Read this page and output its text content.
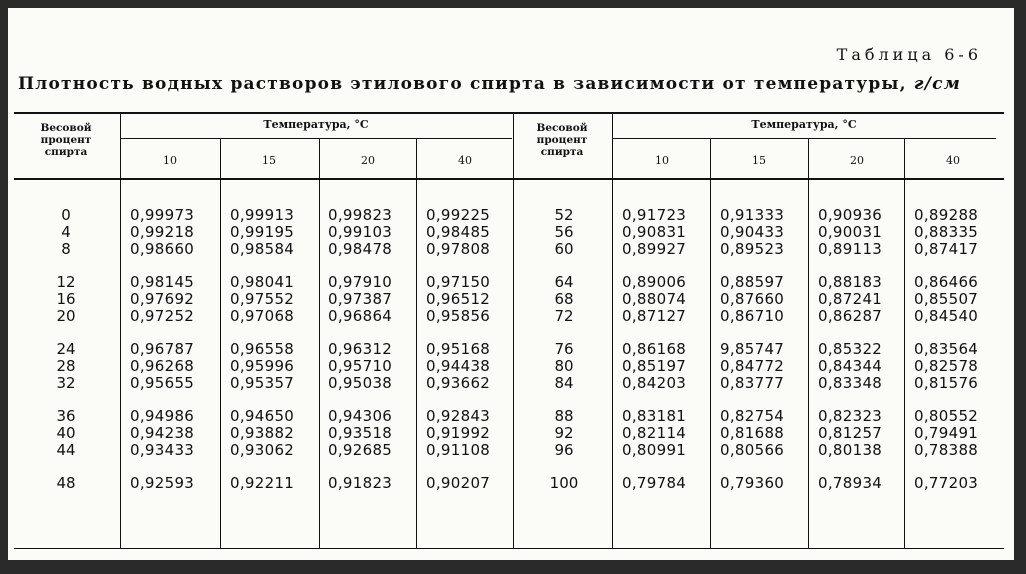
Таблица 6-6
Плотность водных растворов этилового спирта в зависимости от температуры, г/см
Весовой
процент
спирта
Температура, °С
10	15	20	40
Весовой
процент
спирта
Температура, °С
10	15	20	40
0	0,99973 0,99913 0,99823 0,99225
4	0,99218 0,99195 0,99103 0,98485
8	0,98660 0,98584 0,98478 0,97808
12	0,98145 0,98041 0,97910 0,97150
16	0,97692 0,97552 0,97387 0,96512
20	0,97252 0,97068 0,96864 0,95856
24	0,96787 0,96558 0,96312 0,95168
28	0,96268 0,95996 0,95710 0,94438
32	0,95655 0,95357 0,95038 0,93662
36	0,94986 0,94650 0,94306 0,92843
40	0,94238 0,93882 0,93518 0,91992
44	0,93433 0,93062 0,92685 0,91108
48	0,92593 0,92211 0,91823 0,90207
52	0,91723 0,91333 0,90936 0,89288
56	0,90831 0,90433 0,90031 0,88335
60	0,89927 0,89523 0,89113 0,87417
64	0,89006 0,88597 0,88183 0,86466
68	0,88074 0,87660 0,87241 0,85507
72	0,87127 0,86710 0,86287 0,84540
76	0,86168 9,85747 0,85322 0,83564
80	0,85197 0,84772 0,84344 0,82578
84	0,84203 0,83777 0,83348 0,81576
88	0,83181 0,82754 0,82323 0,80552
92	0,82114 0,81688 0,81257 0,79491
96	0,80991 0,80566 0,80138 0,78388
100	0,79784 0,79360 0,78934 0,77203
